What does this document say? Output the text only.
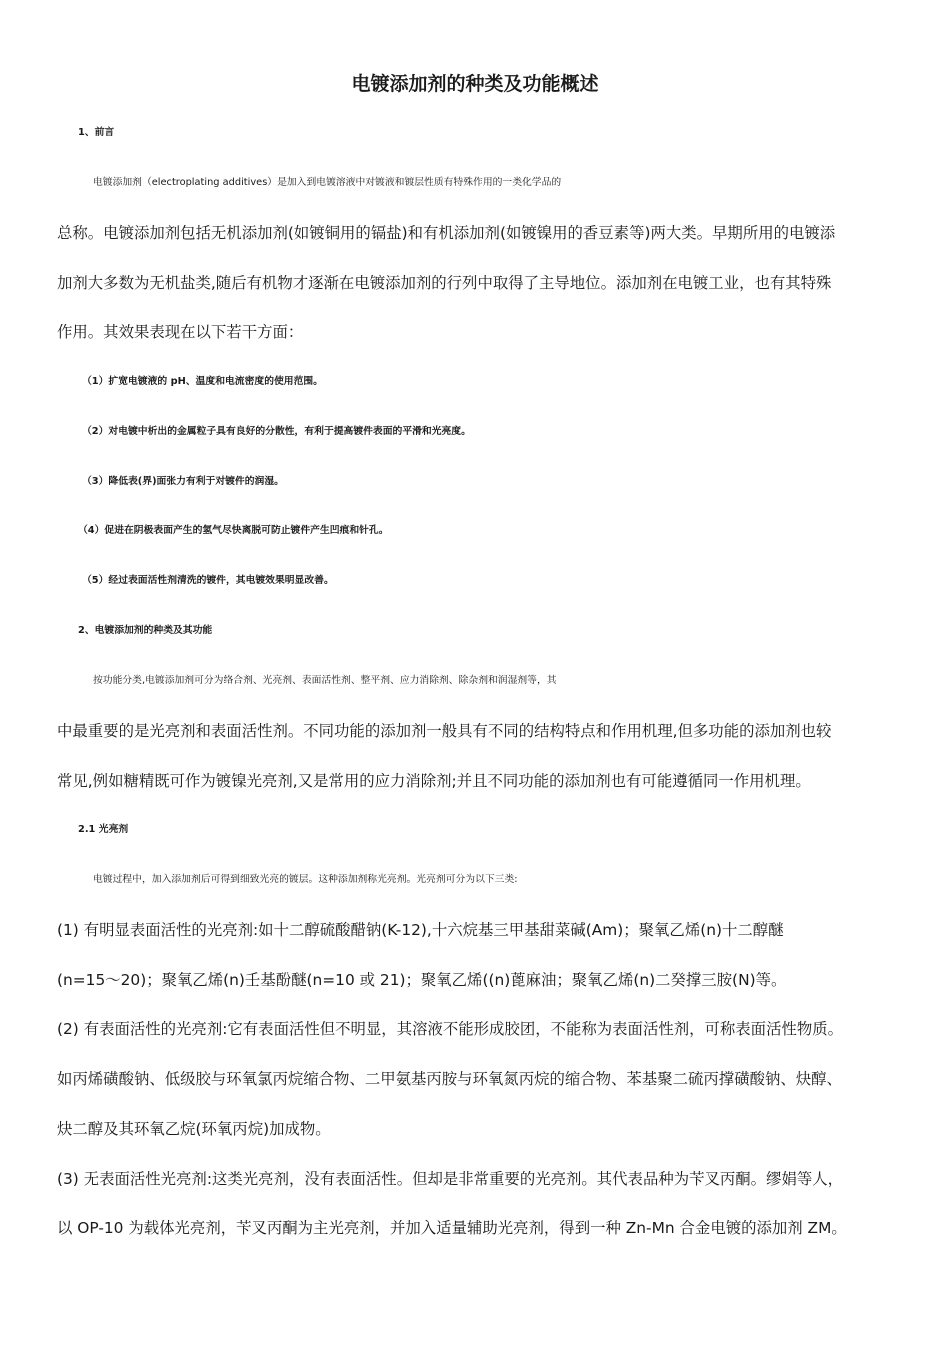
电镀添加剂的种类及功能概述
1、前言
电镀添加剂（electroplating additives）是加入到电镀溶液中对镀液和镀层性质有特殊作用的一类化学品的
总称。电镀添加剂包括无机添加剂(如镀铜用的镉盐)和有机添加剂(如镀镍用的香豆素等)两大类。早期所用的电镀添
加剂大多数为无机盐类,随后有机物才逐渐在电镀添加剂的行列中取得了主导地位。添加剂在电镀工业，也有其特殊
作用。其效果表现在以下若干方面：
（1）扩宽电镀液的 pH、温度和电流密度的使用范围。
（2）对电镀中析出的金属粒子具有良好的分散性，有利于提高镀件表面的平滑和光亮度。
（3）降低表(界)面张力有利于对镀件的润湿。
（4）促进在阴极表面产生的氢气尽快离脱可防止镀件产生凹痕和针孔。
（5）经过表面活性剂清洗的镀件，其电镀效果明显改善。
2、电镀添加剂的种类及其功能
按功能分类,电镀添加剂可分为络合剂、光亮剂、表面活性剂、整平剂、应力消除剂、除杂剂和润湿剂等，其
中最重要的是光亮剂和表面活性剂。不同功能的添加剂一般具有不同的结构特点和作用机理,但多功能的添加剂也较
常见,例如糖精既可作为镀镍光亮剂,又是常用的应力消除剂;并且不同功能的添加剂也有可能遵循同一作用机理。
2.1 光亮剂
电镀过程中，加入添加剂后可得到细致光亮的镀层。这种添加剂称光亮剂。光亮剂可分为以下三类:
(1) 有明显表面活性的光亮剂:如十二醇硫酸醋钠(K-12),十六烷基三甲基甜菜碱(Am)；聚氧乙烯(n)十二醇醚
(n=15～20)；聚氧乙烯(n)壬基酚醚(n=10 或 21)；聚氧乙烯((n)蓖麻油；聚氧乙烯(n)二癸撑三胺(N)等。
(2) 有表面活性的光亮剂:它有表面活性但不明显，其溶液不能形成胶团，不能称为表面活性剂，可称表面活性物质。
如丙烯磺酸钠、低级胶与环氧氯丙烷缩合物、二甲氨基丙胺与环氧氮丙烷的缩合物、苯基聚二硫丙撑磺酸钠、炔醇、
炔二醇及其环氧乙烷(环氧丙烷)加成物。
(3) 无表面活性光亮剂:这类光亮剂，没有表面活性。但却是非常重要的光亮剂。其代表品种为苄叉丙酮。缪娟等人，
以 OP-10 为载体光亮剂，苄叉丙酮为主光亮剂，并加入适量辅助光亮剂，得到一种 Zn-Mn 合金电镀的添加剂 ZM。
